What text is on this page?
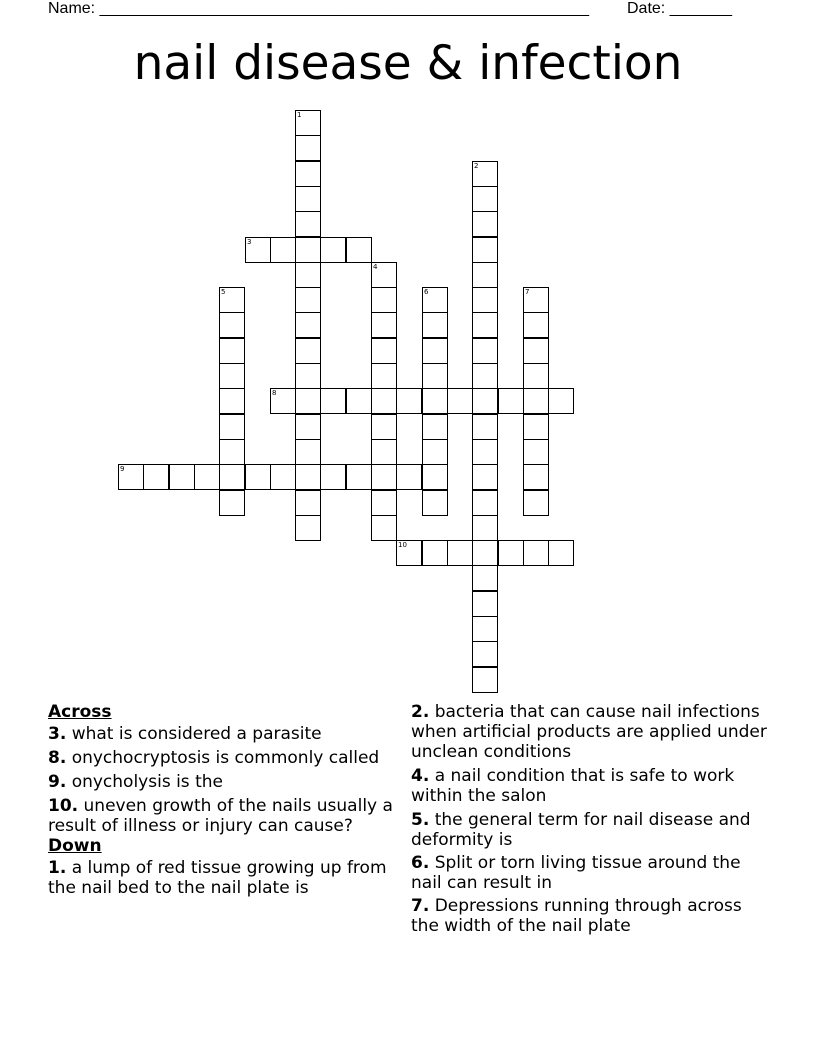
Name: _______________________________________________________ Date: _______
nail disease & infection
1
2
3
4
5	6	7
8
9
10
Across
3. what is considered a parasite
8. onychocryptosis is commonly called
9. onycholysis is the
10. uneven growth of the nails usually a result of illness or injury can cause?
Down
1. a lump of red tissue growing up from the nail bed to the nail plate is
2. bacteria that can cause nail infections when artificial products are applied under unclean conditions
4. a nail condition that is safe to work within the salon
5. the general term for nail disease and deformity is
6. Split or torn living tissue around the nail can result in
7. Depressions running through across the width of the nail plate
